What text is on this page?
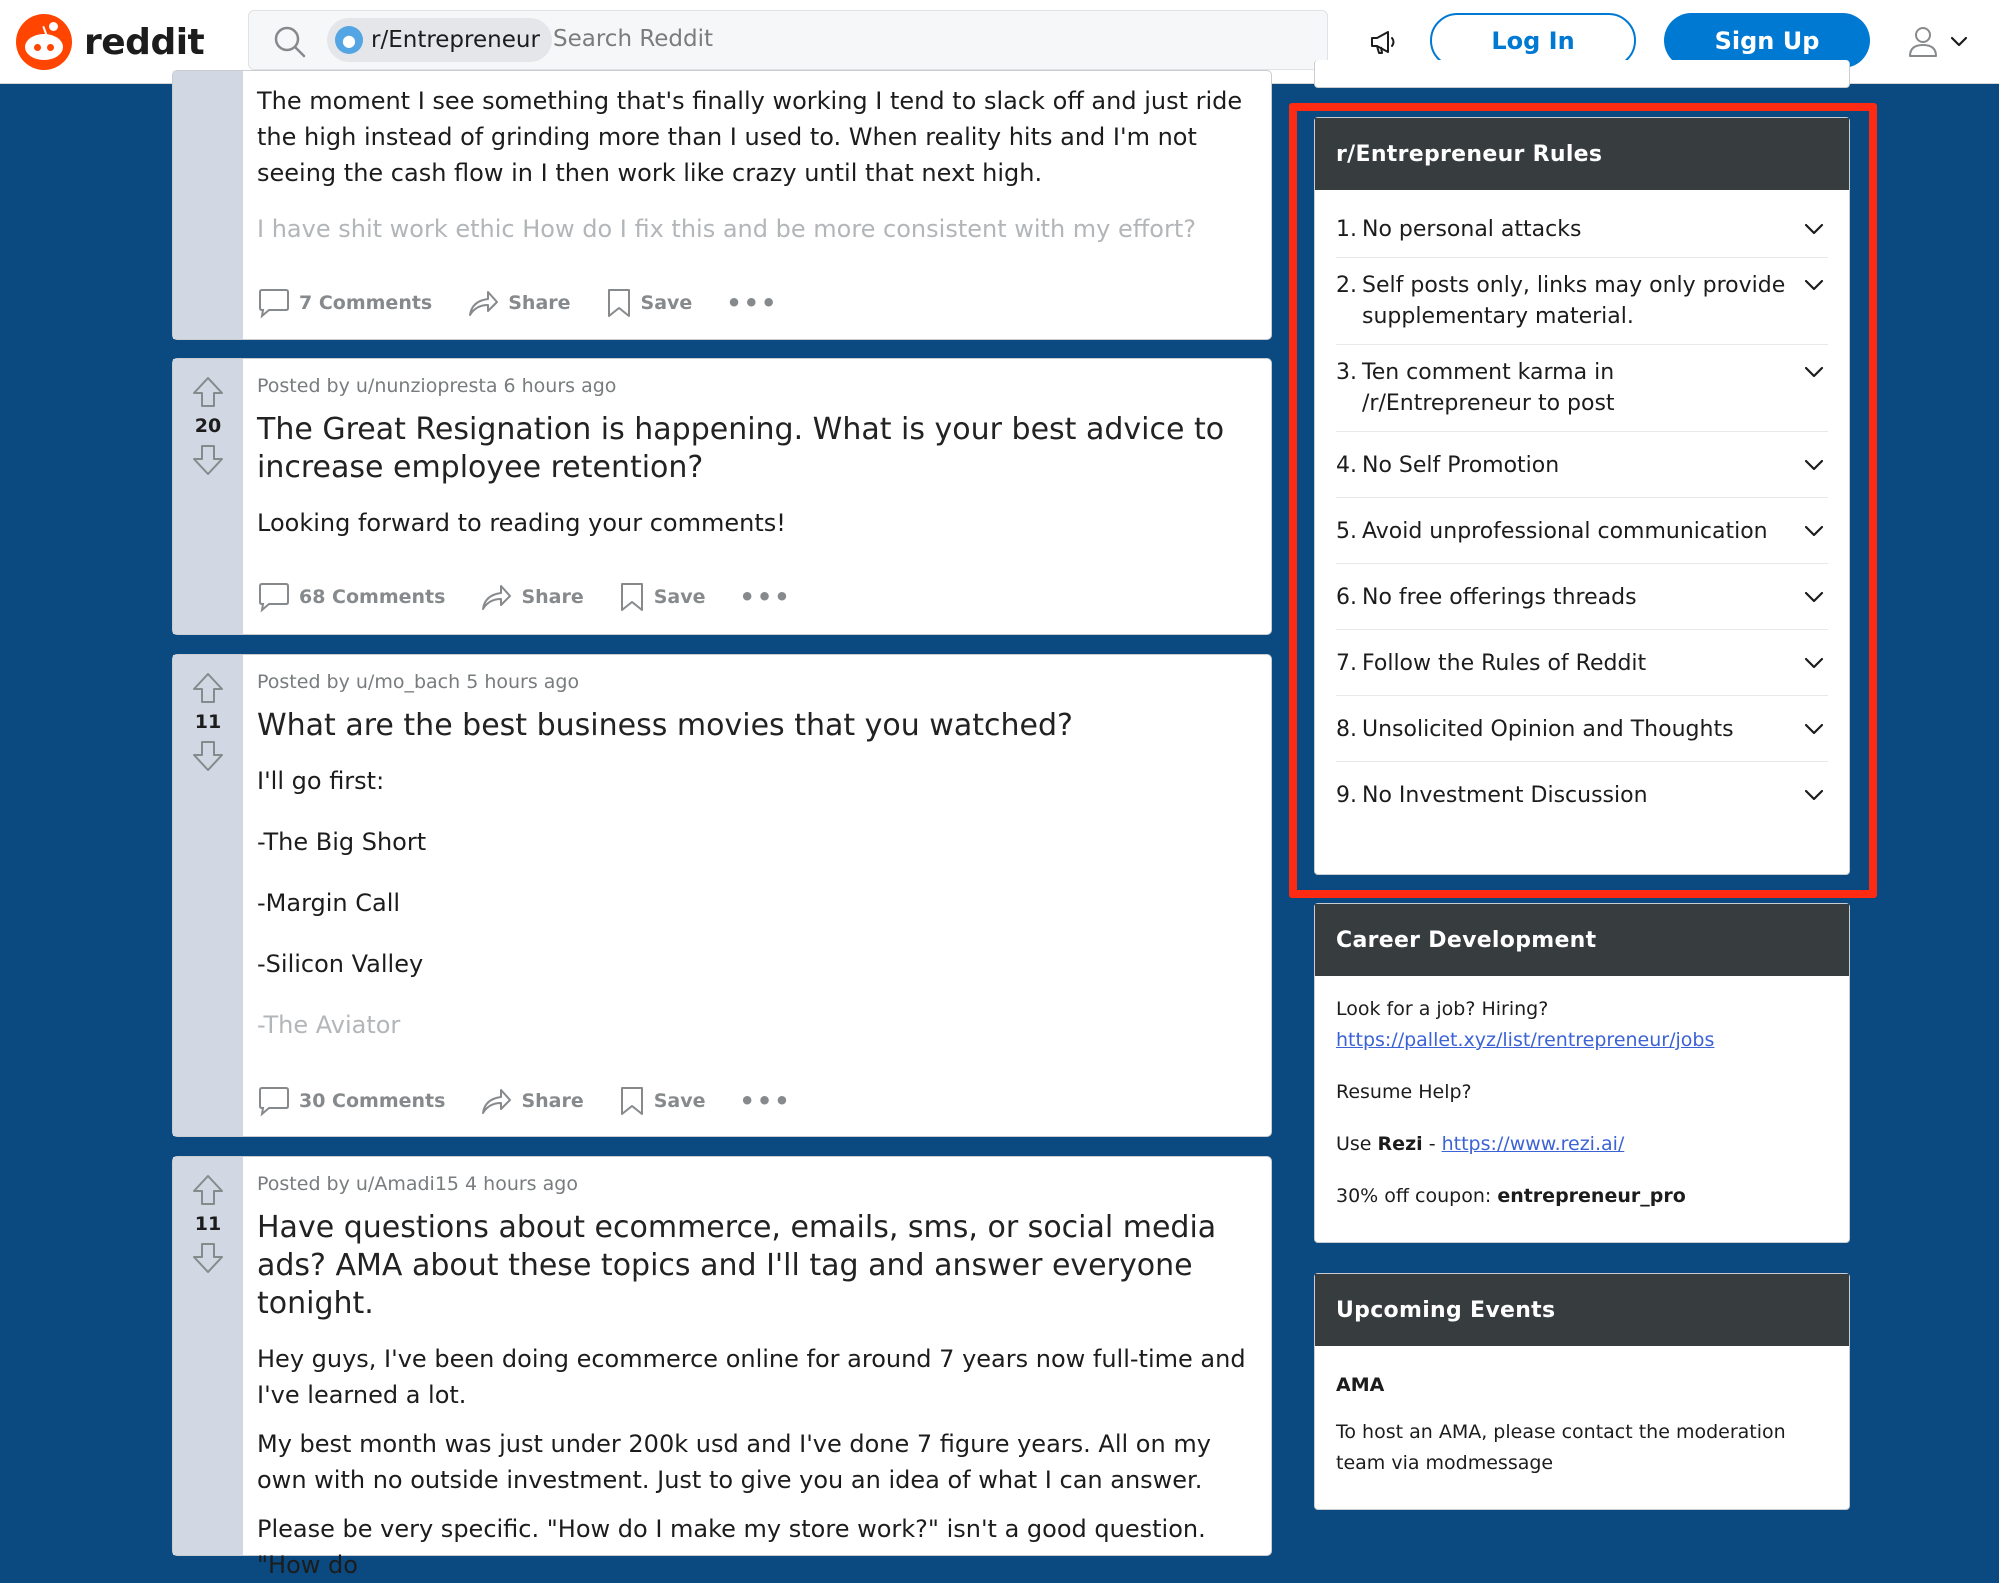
reddit	● r/Entrepreneur Search Reddit	Log In	Sign Up

The moment I see something that's finally working I tend to slack off and just ride the high instead of grinding more than I used to. When reality hits and I'm not seeing the cash flow in I then work like crazy until that next high.

I have shit work ethic How do I fix this and be more consistent with my effort?

7 Comments	Share	Save •••
20
Posted by u/nunziopresta 6 hours ago
The Great Resignation is happening. What is your best advice to increase employee retention?

Looking forward to reading your comments!

68 Comments	Share	Save •••
11
Posted by u/mo_bach 5 hours ago
What are the best business movies that you watched?

I'll go first:

-The Big Short

-Margin Call

-Silicon Valley

-The Aviator

30 Comments	Share	Save •••
11
Posted by u/Amadi15 4 hours ago
Have questions about ecommerce, emails, sms, or social media ads? AMA about these topics and I'll tag and answer everyone tonight.

Hey guys, I've been doing ecommerce online for around 7 years now full-time and I've learned a lot.

My best month was just under 200k usd and I've done 7 figure years. All on my own with no outside investment. Just to give you an idea of what I can answer.

Please be very specific. "How do I make my store work?" isn't a good question. "How do

r/Entrepreneur Rules
1. No personal attacks
2. Self posts only, links may only provide supplementary material.
3. Ten comment karma in /r/Entrepreneur to post
4. No Self Promotion
5. Avoid unprofessional communication
6. No free offerings threads
7. Follow the Rules of Reddit
8. Unsolicited Opinion and Thoughts
9. No Investment Discussion
Career Development

Look for a job? Hiring?
https://pallet.xyz/list/rentrepreneur/jobs

Resume Help?

Use Rezi - https://www.rezi.ai/

30% off coupon: entrepreneur_pro

Upcoming Events

AMA

To host an AMA, please contact the moderation team via modmessage
